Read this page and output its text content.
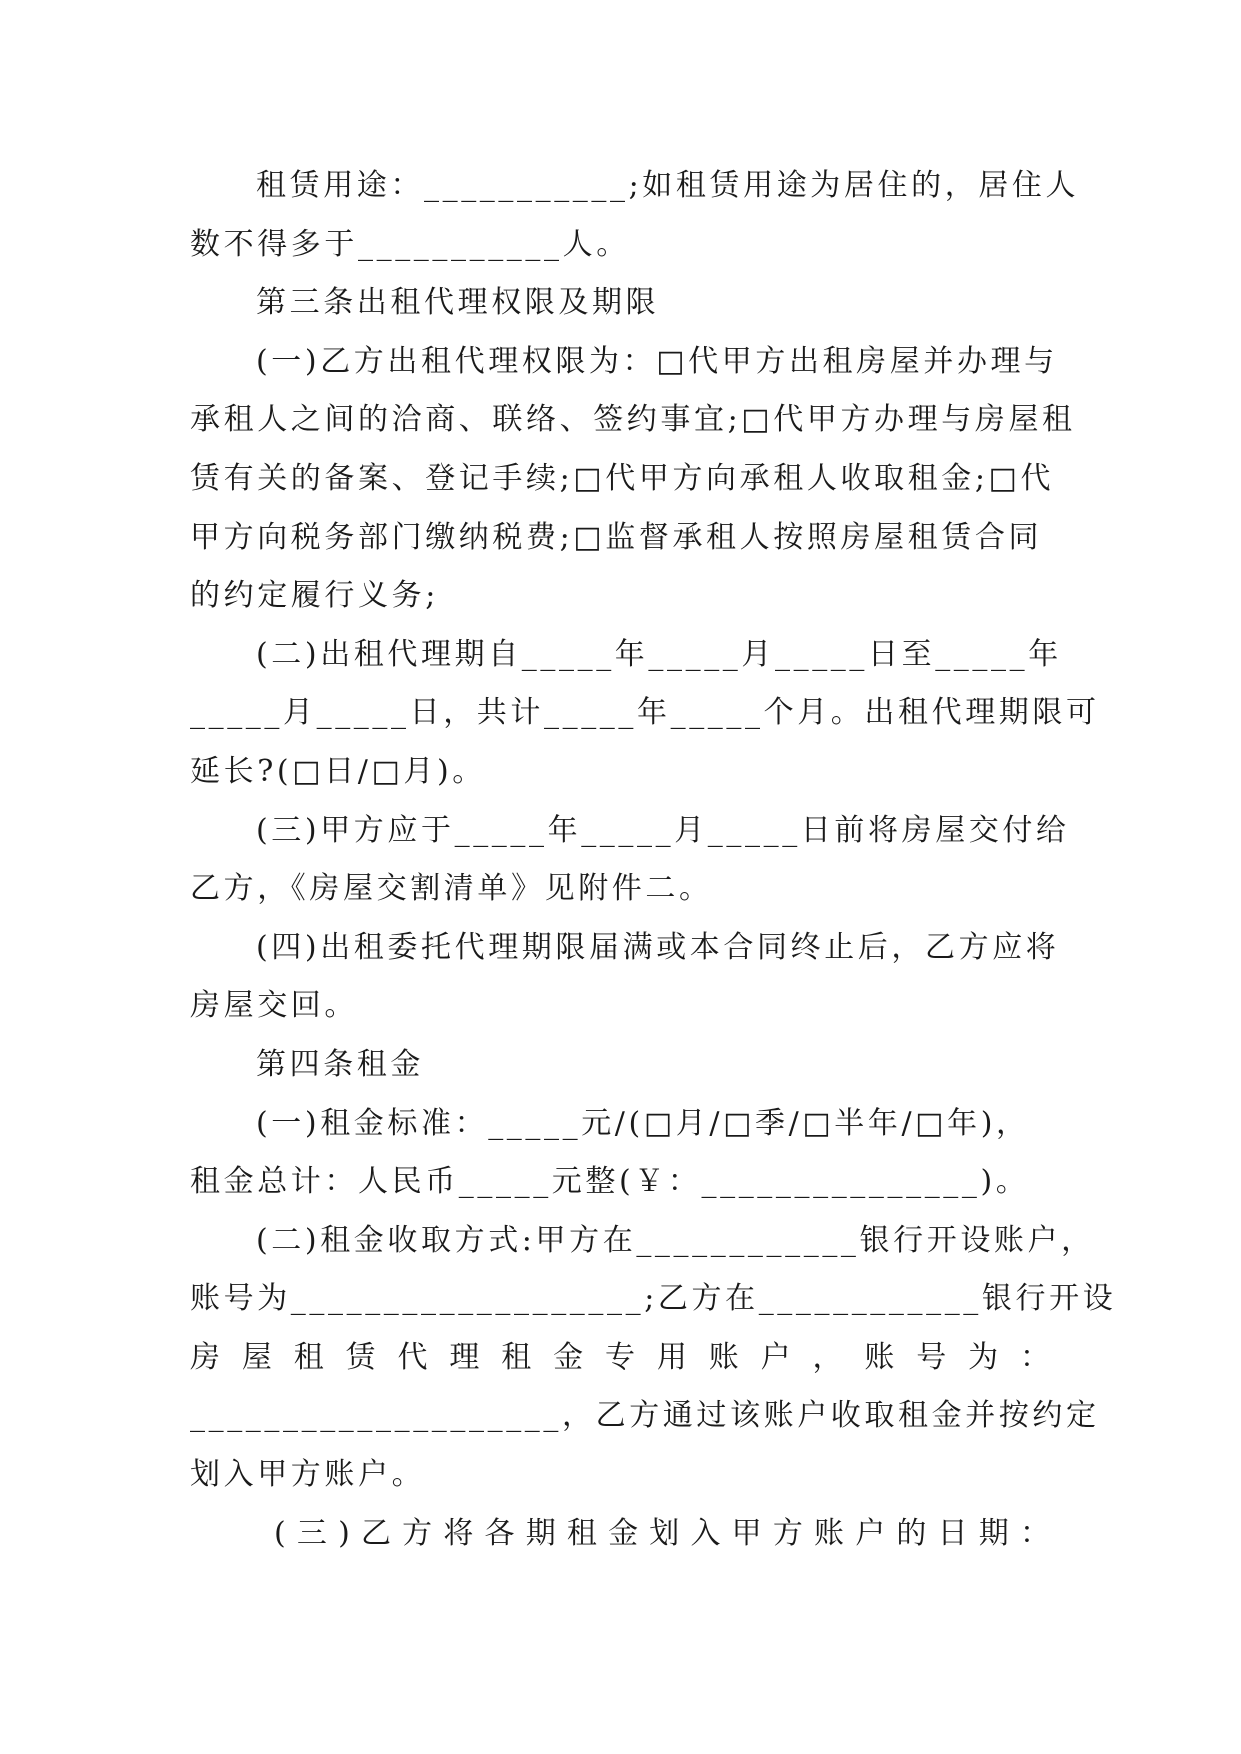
租赁用途：___________;如租赁用途为居住的，居住人
数不得多于___________人。
第三条出租代理权限及期限
(一)乙方出租代理权限为：□代甲方出租房屋并办理与
承租人之间的洽商、联络、签约事宜;□代甲方办理与房屋租
赁有关的备案、登记手续;□代甲方向承租人收取租金;□代
甲方向税务部门缴纳税费;□监督承租人按照房屋租赁合同
的约定履行义务;
(二)出租代理期自_____年_____月_____日至_____年
_____月_____日，共计_____年_____个月。出租代理期限可
延长?(□日/□月)。
(三)甲方应于_____年_____月_____日前将房屋交付给
乙方，《房屋交割清单》见附件二。
(四)出租委托代理期限届满或本合同终止后，乙方应将
房屋交回。
第四条租金
(一)租金标准：_____元/(□月/□季/□半年/□年)，
租金总计：人民币_____元整(￥：_______________)。
(二)租金收取方式:甲方在____________银行开设账户，
账号为___________________;乙方在____________银行开设
房屋租赁代理租金专用账户，账号为：
____________________，乙方通过该账户收取租金并按约定
划入甲方账户。
(三)乙方将各期租金划入甲方账户的日期：
